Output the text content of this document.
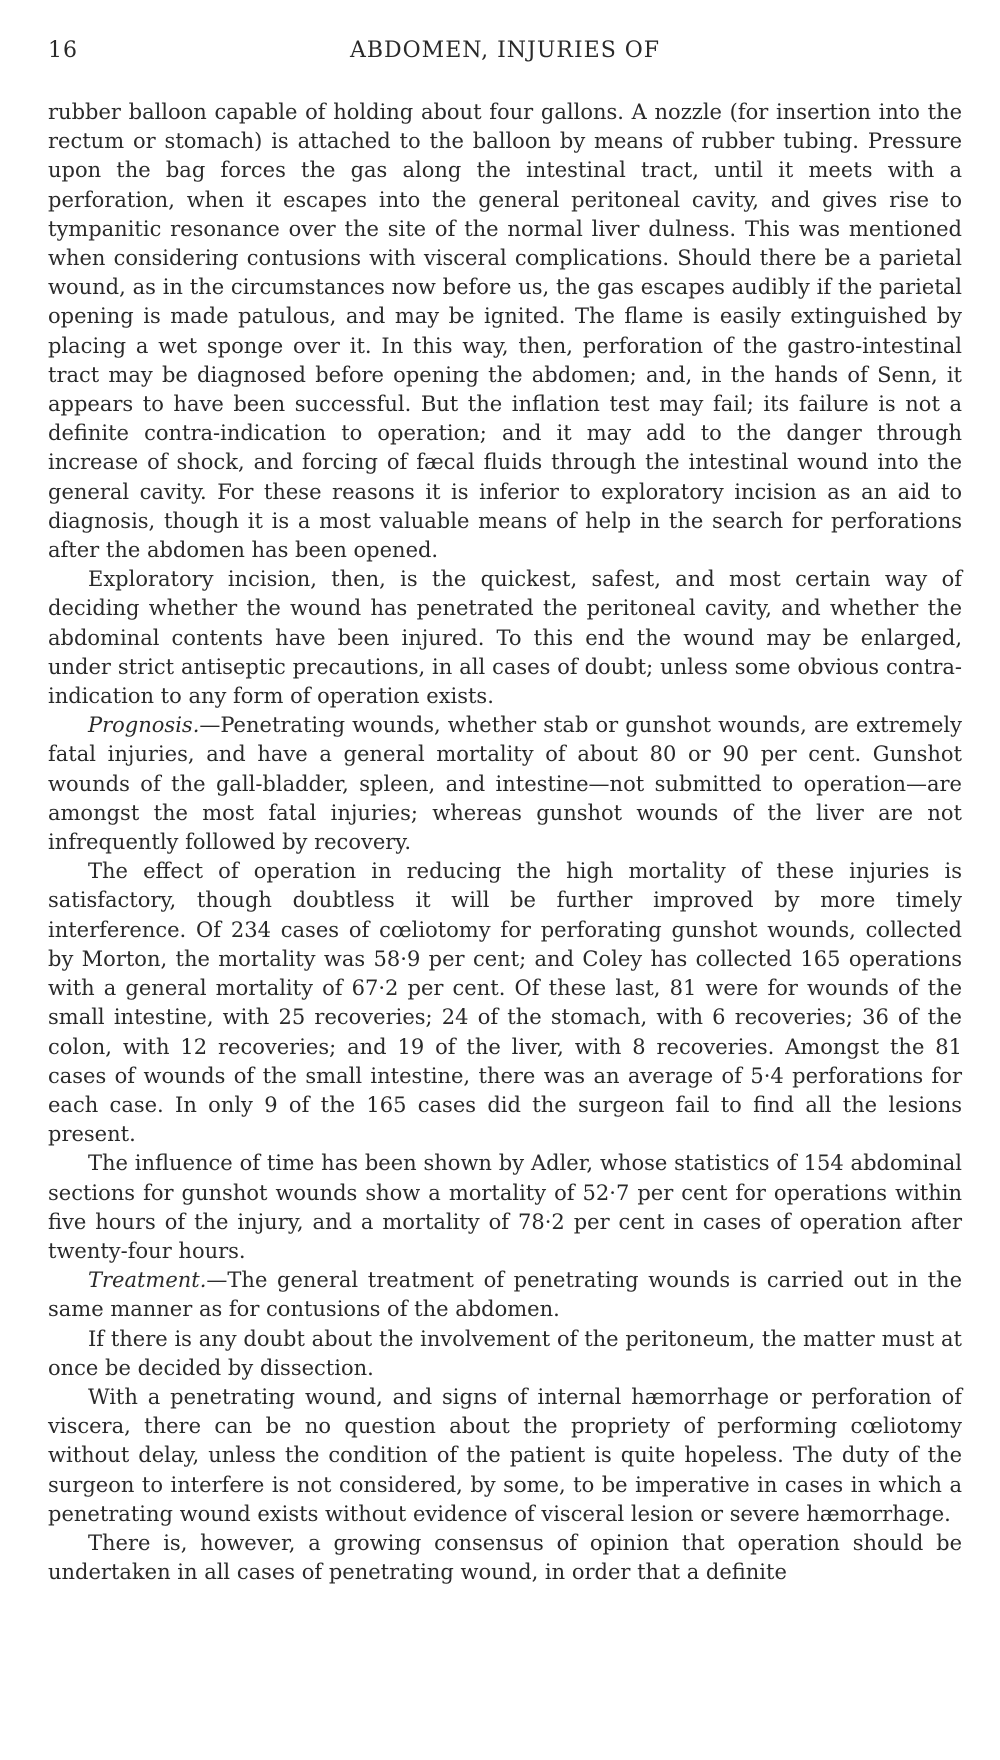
16	ABDOMEN, INJURIES OF

rubber balloon capable of holding about four gallons. A nozzle (for insertion into the rectum or stomach) is attached to the balloon by means of rubber tubing. Pressure upon the bag forces the gas along the intestinal tract, until it meets with a perforation, when it escapes into the general peritoneal cavity, and gives rise to tympanitic resonance over the site of the normal liver dulness. This was mentioned when considering contusions with visceral complications. Should there be a parietal wound, as in the circumstances now before us, the gas escapes audibly if the parietal opening is made patulous, and may be ignited. The flame is easily extinguished by placing a wet sponge over it. In this way, then, perforation of the gastro-intestinal tract may be diagnosed before opening the abdomen; and, in the hands of Senn, it appears to have been successful. But the inflation test may fail; its failure is not a definite contra-indication to operation; and it may add to the danger through increase of shock, and forcing of fæcal fluids through the intestinal wound into the general cavity. For these reasons it is inferior to exploratory incision as an aid to diagnosis, though it is a most valuable means of help in the search for perforations after the abdomen has been opened.

Exploratory incision, then, is the quickest, safest, and most certain way of deciding whether the wound has penetrated the peritoneal cavity, and whether the abdominal contents have been injured. To this end the wound may be enlarged, under strict antiseptic precautions, in all cases of doubt; unless some obvious contra-indication to any form of operation exists.

Prognosis.—Penetrating wounds, whether stab or gunshot wounds, are extremely fatal injuries, and have a general mortality of about 80 or 90 per cent. Gunshot wounds of the gall-bladder, spleen, and intestine—not submitted to operation—are amongst the most fatal injuries; whereas gunshot wounds of the liver are not infrequently followed by recovery.

The effect of operation in reducing the high mortality of these injuries is satisfactory, though doubtless it will be further improved by more timely interference. Of 234 cases of cœliotomy for perforating gunshot wounds, collected by Morton, the mortality was 58·9 per cent; and Coley has collected 165 operations with a general mortality of 67·2 per cent. Of these last, 81 were for wounds of the small intestine, with 25 recoveries; 24 of the stomach, with 6 recoveries; 36 of the colon, with 12 recoveries; and 19 of the liver, with 8 recoveries. Amongst the 81 cases of wounds of the small intestine, there was an average of 5·4 perforations for each case. In only 9 of the 165 cases did the surgeon fail to find all the lesions present.

The influence of time has been shown by Adler, whose statistics of 154 abdominal sections for gunshot wounds show a mortality of 52·7 per cent for operations within five hours of the injury, and a mortality of 78·2 per cent in cases of operation after twenty-four hours.

Treatment.—The general treatment of penetrating wounds is carried out in the same manner as for contusions of the abdomen.

If there is any doubt about the involvement of the peritoneum, the matter must at once be decided by dissection.

With a penetrating wound, and signs of internal hæmorrhage or perforation of viscera, there can be no question about the propriety of performing cœliotomy without delay, unless the condition of the patient is quite hopeless. The duty of the surgeon to interfere is not considered, by some, to be imperative in cases in which a penetrating wound exists without evidence of visceral lesion or severe hæmorrhage.

There is, however, a growing consensus of opinion that operation should be undertaken in all cases of penetrating wound, in order that a definite
